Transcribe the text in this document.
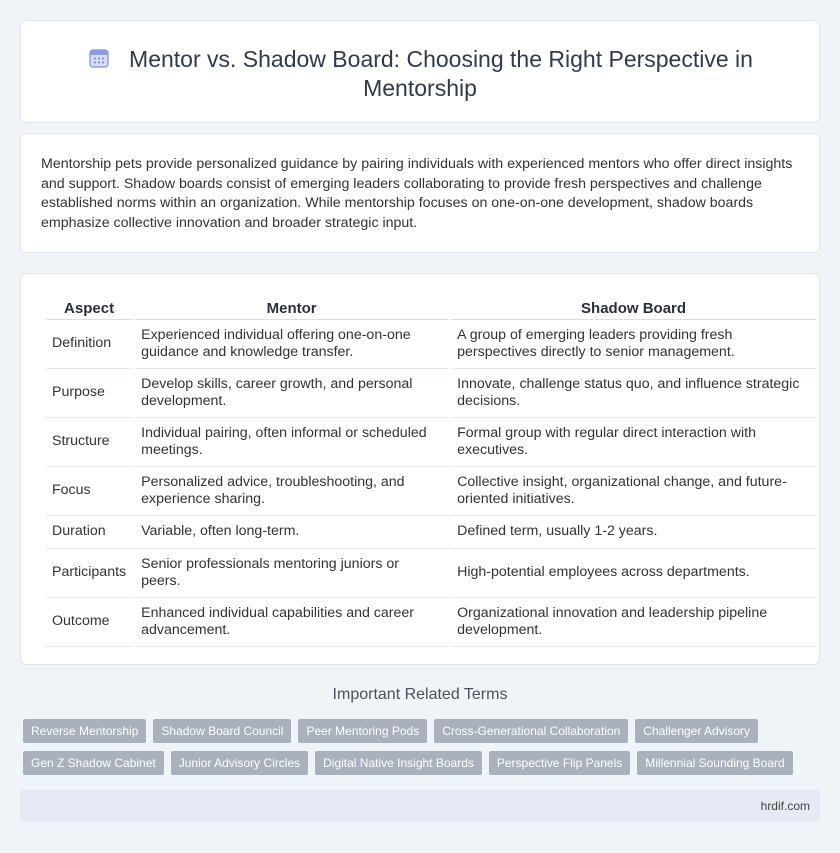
Mentor vs. Shadow Board: Choosing the Right Perspective in Mentorship

Mentorship pets provide personalized guidance by pairing individuals with experienced mentors who offer direct insights and support. Shadow boards consist of emerging leaders collaborating to provide fresh perspectives and challenge established norms within an organization. While mentorship focuses on one-on-one development, shadow boards emphasize collective innovation and broader strategic input.

Aspect	Mentor	Shadow Board
Definition	Experienced individual offering one-on-one guidance and knowledge transfer.	A group of emerging leaders providing fresh perspectives directly to senior management.
Purpose	Develop skills, career growth, and personal development.	Innovate, challenge status quo, and influence strategic decisions.
Structure	Individual pairing, often informal or scheduled meetings.	Formal group with regular direct interaction with executives.
Focus	Personalized advice, troubleshooting, and experience sharing.	Collective insight, organizational change, and future-oriented initiatives.
Duration	Variable, often long-term.	Defined term, usually 1-2 years.
Participants	Senior professionals mentoring juniors or peers.	High-potential employees across departments.
Outcome	Enhanced individual capabilities and career advancement.	Organizational innovation and leadership pipeline development.
Important Related Terms
Reverse Mentorship	Shadow Board Council	Peer Mentoring Pods	Cross-Generational Collaboration	Challenger Advisory
Gen Z Shadow Cabinet	Junior Advisory Circles	Digital Native Insight Boards	Perspective Flip Panels	Millennial Sounding Board
hrdif.com
